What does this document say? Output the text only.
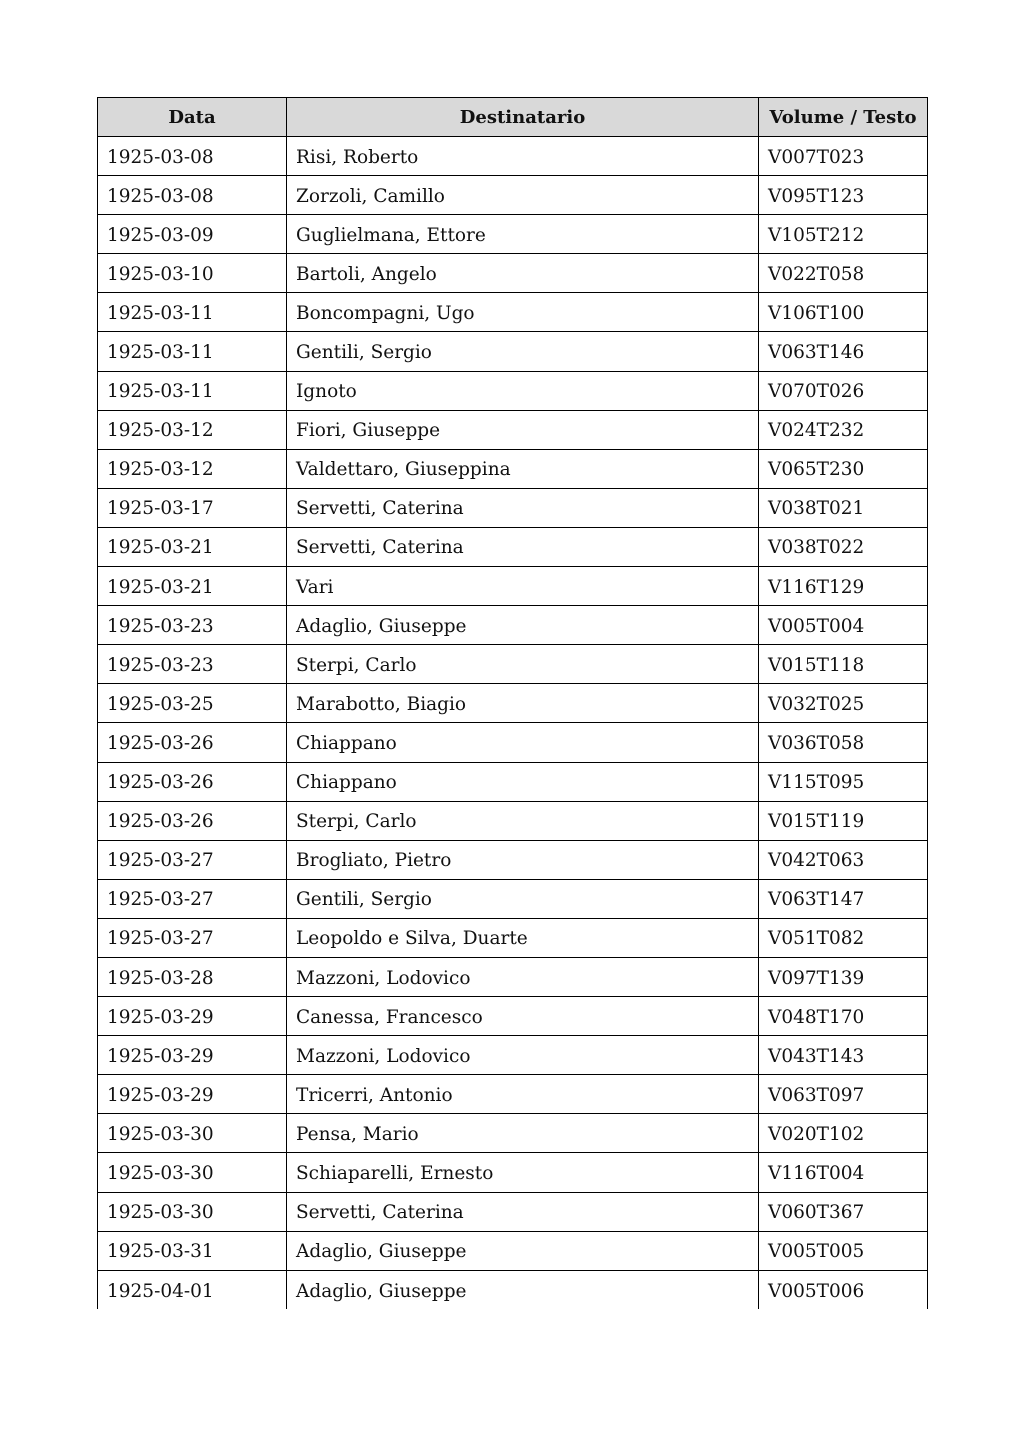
Data	Destinatario	Volume / Testo
1925-03-08	Risi, Roberto	V007T023
1925-03-08	Zorzoli, Camillo	V095T123
1925-03-09	Guglielmana, Ettore	V105T212
1925-03-10	Bartoli, Angelo	V022T058
1925-03-11	Boncompagni, Ugo	V106T100
1925-03-11	Gentili, Sergio	V063T146
1925-03-11	Ignoto	V070T026
1925-03-12	Fiori, Giuseppe	V024T232
1925-03-12	Valdettaro, Giuseppina	V065T230
1925-03-17	Servetti, Caterina	V038T021
1925-03-21	Servetti, Caterina	V038T022
1925-03-21	Vari	V116T129
1925-03-23	Adaglio, Giuseppe	V005T004
1925-03-23	Sterpi, Carlo	V015T118
1925-03-25	Marabotto, Biagio	V032T025
1925-03-26	Chiappano	V036T058
1925-03-26	Chiappano	V115T095
1925-03-26	Sterpi, Carlo	V015T119
1925-03-27	Brogliato, Pietro	V042T063
1925-03-27	Gentili, Sergio	V063T147
1925-03-27	Leopoldo e Silva, Duarte	V051T082
1925-03-28	Mazzoni, Lodovico	V097T139
1925-03-29	Canessa, Francesco	V048T170
1925-03-29	Mazzoni, Lodovico	V043T143
1925-03-29	Tricerri, Antonio	V063T097
1925-03-30	Pensa, Mario	V020T102
1925-03-30	Schiaparelli, Ernesto	V116T004
1925-03-30	Servetti, Caterina	V060T367
1925-03-31	Adaglio, Giuseppe	V005T005
1925-04-01	Adaglio, Giuseppe	V005T006
